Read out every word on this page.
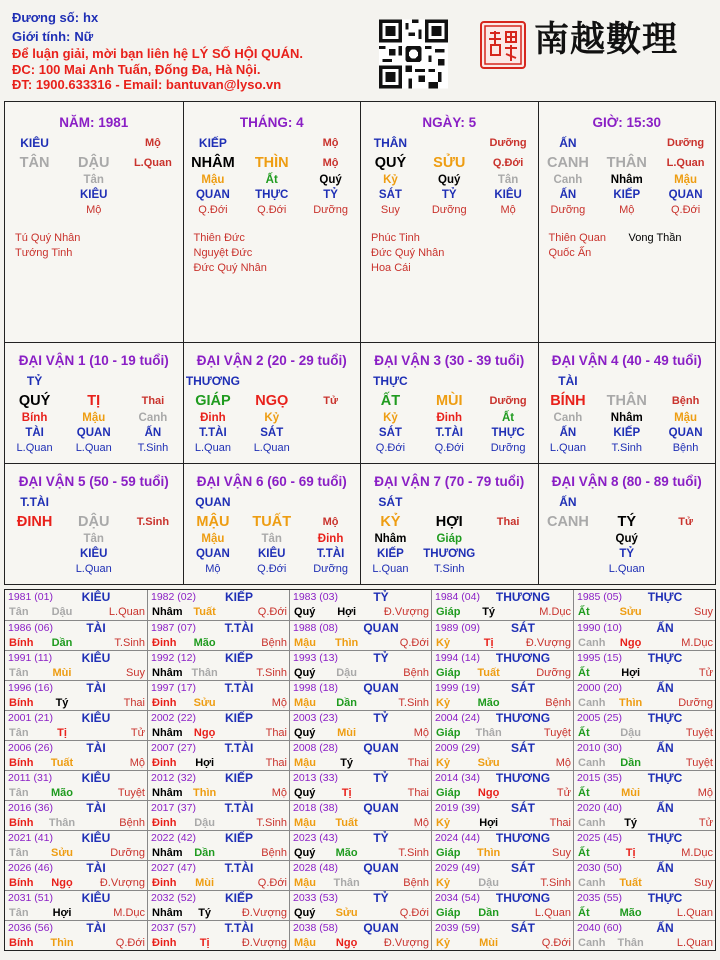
Đương số: hx
Giới tính: Nữ
Để luận giải, mời bạn liên hệ LÝ SỐ HỘI QUÁN.
ĐC: 100 Mai Anh Tuấn, Đống Đa, Hà Nội.
ĐT: 1900.633316 - Email: bantuvan@lyso.vn
南越數理
NĂM: 1981
KIÊU		Mộ
TÂN	DẬU	L.Quan
	Tân	
	KIÊU	
	Mộ	
Tú Quý Nhân
Tướng Tinh
THÁNG: 4
KIẾP		Mộ
NHÂM	THÌN	Mộ
Mậu	Ất	Quý
QUAN	THỰC	TỶ
Q.Đới	Q.Đới	Dưỡng
Thiên Đức
Nguyệt Đức
Đức Quý Nhân
NGÀY: 5
THÂN		Dưỡng
QUÝ	SỬU	Q.Đới
Kỷ	Quý	Tân
SÁT	TỶ	KIÊU
Suy	Dưỡng	Mộ
Phúc Tinh
Đức Quý Nhân
Hoa Cái
GIỜ: 15:30
ẤN		Dưỡng
CANH	THÂN	L.Quan
Canh	Nhâm	Mậu
ẤN	KIẾP	QUAN
Dưỡng	Mộ	Q.Đới
Thiên Quan
Quốc Ấn
Vong Thần
ĐẠI VẬN 1 (10 - 19 tuổi)
TỶ		
QUÝ	TỊ	Thai
Bính	Mậu	Canh
TÀI	QUAN	ẤN
L.Quan	L.Quan	T.Sinh
ĐẠI VẬN 2 (20 - 29 tuổi)
THƯƠNG		
GIÁP	NGỌ	Tử
Đinh	Kỷ	
T.TÀI	SÁT	
L.Quan	L.Quan	
ĐẠI VẬN 3 (30 - 39 tuổi)
THỰC		
ẤT	MÙI	Dưỡng
Kỷ	Đinh	Ất
SÁT	T.TÀI	THỰC
Q.Đới	Q.Đới	Dưỡng
ĐẠI VẬN 4 (40 - 49 tuổi)
TÀI		
BÍNH	THÂN	Bệnh
Canh	Nhâm	Mậu
ẤN	KIẾP	QUAN
L.Quan	T.Sinh	Bệnh
ĐẠI VẬN 5 (50 - 59 tuổi)
T.TÀI		
ĐINH	DẬU	T.Sinh
	Tân	
	KIÊU	
	L.Quan	
ĐẠI VẬN 6 (60 - 69 tuổi)
QUAN		
MẬU	TUẤT	Mộ
Mậu	Tân	Đinh
QUAN	KIÊU	T.TÀI
Mộ	Q.Đới	Dưỡng
ĐẠI VẬN 7 (70 - 79 tuổi)
SÁT		
KỶ	HỢI	Thai
Nhâm	Giáp	
KIẾP	THƯƠNG	
L.Quan	T.Sinh	
ĐẠI VẬN 8 (80 - 89 tuổi)
ẤN		
CANH	TÝ	Tử
	Quý	
	TỶ	
	L.Quan	
1981 (01)	KIÊU
Tân	Dậu	L.Quan
1982 (02)	KIẾP
Nhâm Tuất	Q.Đới
1983 (03)	TỶ
Quý	Hợi	Đ.Vượng
1984 (04)	THƯƠNG
Giáp	Tý	M.Dục
1985 (05)	THỰC
Ất	Sửu	Suy
1986 (06)	TÀI
Bính	Dần	T.Sinh
1987 (07)	T.TÀI
Đinh	Mão	Bệnh
1988 (08)	QUAN
Mậu	Thìn	Q.Đới
1989 (09)	SÁT
Kỷ	Tị	Đ.Vượng
1990 (10)	ẤN
Canh	Ngọ	M.Dục
1991 (11)	KIÊU
Tân	Mùi	Suy
1992 (12)	KIẾP
Nhâm Thân	T.Sinh
1993 (13)	TỶ
Quý	Dậu	Bệnh
1994 (14)	THƯƠNG
Giáp	Tuất	Dưỡng
1995 (15)	THỰC
Ất	Hợi	Tử
1996 (16)	TÀI
Bính	Tý	Thai
1997 (17)	T.TÀI
Đinh	Sửu	Mộ
1998 (18)	QUAN
Mậu	Dần	T.Sinh
1999 (19)	SÁT
Kỷ	Mão	Bệnh
2000 (20)	ẤN
Canh	Thìn	Dưỡng
2001 (21)	KIÊU
Tân	Tị	Tử
2002 (22)	KIẾP
Nhâm	Ngọ	Thai
2003 (23)	TỶ
Quý	Mùi	Mộ
2004 (24)	THƯƠNG
Giáp	Thân	Tuyệt
2005 (25)	THỰC
Ất	Dậu	Tuyệt
2006 (26)	TÀI
Bính	Tuất	Mộ
2007 (27)	T.TÀI
Đinh	Hợi	Thai
2008 (28)	QUAN
Mậu	Tý	Thai
2009 (29)	SÁT
Kỷ	Sửu	Mộ
2010 (30)	ẤN
Canh	Dần	Tuyệt
2011 (31)	KIÊU
Tân	Mão	Tuyệt
2012 (32)	KIẾP
Nhâm Thìn	Mộ
2013 (33)	TỶ
Quý	Tị	Thai
2014 (34)	THƯƠNG
Giáp	Ngọ	Tử
2015 (35)	THỰC
Ất	Mùi	Mộ
2016 (36)	TÀI
Bính	Thân	Bệnh
2017 (37)	T.TÀI
Đinh	Dậu	T.Sinh
2018 (38)	QUAN
Mậu	Tuất	Mộ
2019 (39)	SÁT
Kỷ	Hợi	Thai
2020 (40)	ẤN
Canh	Tý	Tử
2021 (41)	KIÊU
Tân	Sửu	Dưỡng
2022 (42)	KIẾP
Nhâm	Dần	Bệnh
2023 (43)	TỶ
Quý	Mão	T.Sinh
2024 (44)	THƯƠNG
Giáp	Thìn	Suy
2025 (45)	THỰC
Ất	Tị	M.Dục
2026 (46)	TÀI
Bính	Ngọ	Đ.Vượng
2027 (47)	T.TÀI
Đinh	Mùi	Q.Đới
2028 (48)	QUAN
Mậu	Thân	Bệnh
2029 (49)	SÁT
Kỷ	Dậu	T.Sinh
2030 (50)	ẤN
Canh	Tuất	Suy
2031 (51)	KIÊU
Tân	Hợi	M.Dục
2032 (52)	KIẾP
Nhâm	Tý	Đ.Vượng
2033 (53)	TỶ
Quý	Sửu	Q.Đới
2034 (54)	THƯƠNG
Giáp	Dần	L.Quan
2035 (55)	THỰC
Ất	Mão	L.Quan
2036 (56)	TÀI
Bính	Thìn	Q.Đới
2037 (57)	T.TÀI
Đinh	Tị	Đ.Vượng
2038 (58)	QUAN
Mậu	Ngọ	Đ.Vượng
2039 (59)	SÁT
Kỷ	Mùi	Q.Đới
2040 (60)	ẤN
Canh	Thân	L.Quan
